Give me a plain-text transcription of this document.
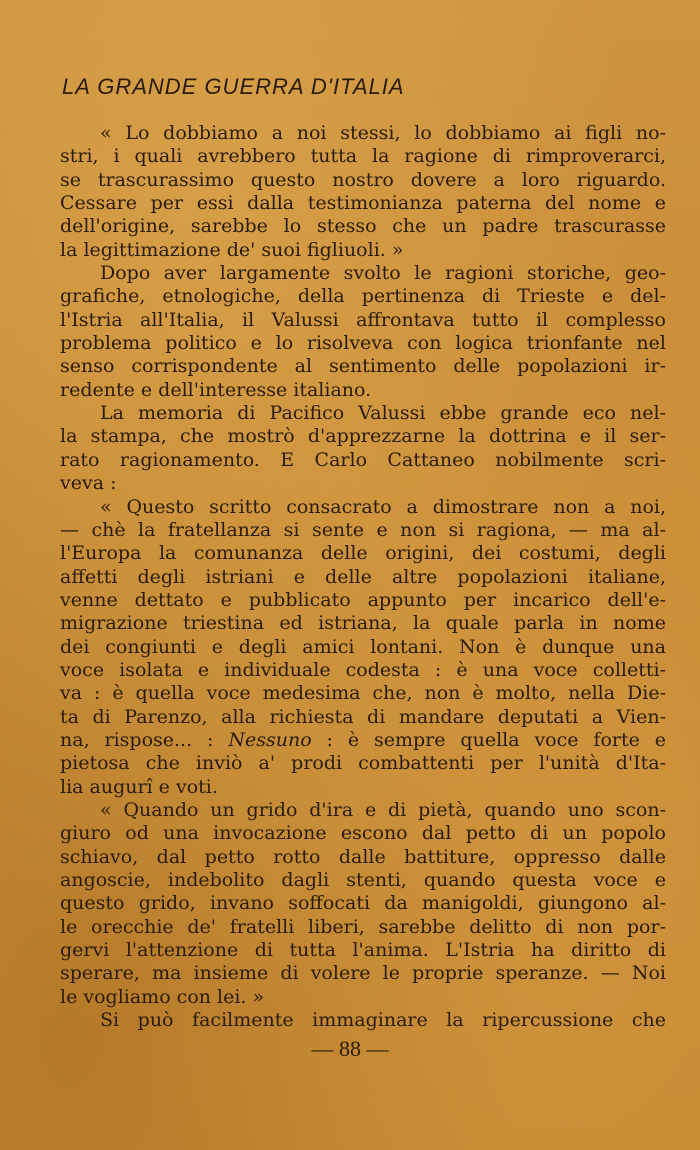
LA GRANDE GUERRA D'ITALIA
« Lo dobbiamo a noi stessi, lo dobbiamo ai figli no-
stri, i quali avrebbero tutta la ragione di rimproverarci,
se trascurassimo questo nostro dovere a loro riguardo.
Cessare per essi dalla testimonianza paterna del nome e
dell'origine, sarebbe lo stesso che un padre trascurasse
la legittimazione de' suoi figliuoli. »
Dopo aver largamente svolto le ragioni storiche, geo-
grafiche, etnologiche, della pertinenza di Trieste e del-
l'Istria all'Italia, il Valussi affrontava tutto il complesso
problema politico e lo risolveva con logica trionfante nel
senso corrispondente al sentimento delle popolazioni ir-
redente e dell'interesse italiano.
La memoria di Pacifico Valussi ebbe grande eco nel-
la stampa, che mostrò d'apprezzarne la dottrina e il ser-
rato ragionamento. E Carlo Cattaneo nobilmente scri-
veva :
« Questo scritto consacrato a dimostrare non a noi,
— chè la fratellanza si sente e non si ragiona, — ma al-
l'Europa la comunanza delle origini, dei costumi, degli
affetti degli istriani e delle altre popolazioni italiane,
venne dettato e pubblicato appunto per incarico dell'e-
migrazione triestina ed istriana, la quale parla in nome
dei congiunti e degli amici lontani. Non è dunque una
voce isolata e individuale codesta : è una voce colletti-
va : è quella voce medesima che, non è molto, nella Die-
ta di Parenzo, alla richiesta di mandare deputati a Vien-
na, rispose... : Nessuno : è sempre quella voce forte e
pietosa che inviò a' prodi combattenti per l'unità d'Ita-
lia augurî e voti.
« Quando un grido d'ira e di pietà, quando uno scon-
giuro od una invocazione escono dal petto di un popolo
schiavo, dal petto rotto dalle battiture, oppresso dalle
angoscie, indebolito dagli stenti, quando questa voce e
questo grido, invano soffocati da manigoldi, giungono al-
le orecchie de' fratelli liberi, sarebbe delitto di non por-
gervi l'attenzione di tutta l'anima. L'Istria ha diritto di
sperare, ma insieme di volere le proprie speranze. — Noi
le vogliamo con lei. »
Si può facilmente immaginare la ripercussione che
— 88 —
